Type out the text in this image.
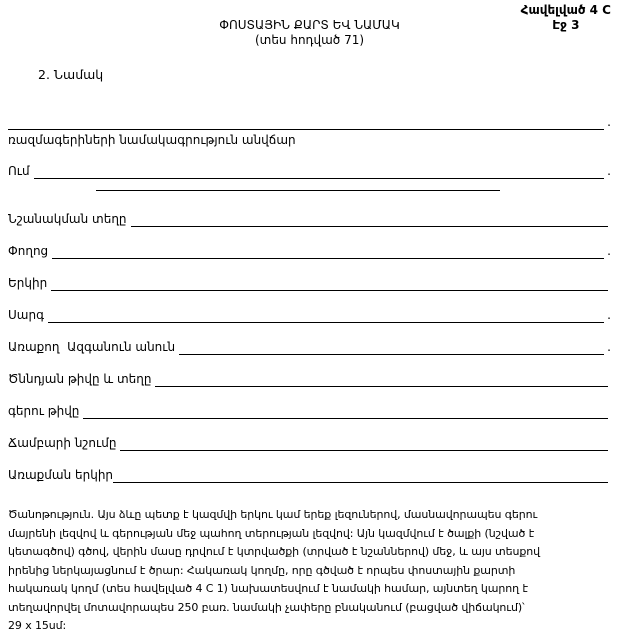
Հավելված 4 C
Էջ 3
ՓՈՍՏԱՅԻՆ ՔԱՐՏ ԵՎ ՆԱՄԱԿ
(տես հոդված 71)
2. Նամակ
.
ռազմագերիների նամակագրություն անվճար
Ում	.
Նշանակման տեղը
Փողոց	.
Երկիր
Սարգ	.
Առաքող  Ազգանուն անուն	.
Ծննդյան թիվը և տեղը
գերու թիվը
Ճամբարի նշումը
Առաքման երկիր
Ծանոթություն. Այս ձևը պետք է կազմվի երկու կամ երեք լեզուներով, մասնավորապես գերու
մայրենի լեզվով և գերության մեջ պահող տերության լեզվով: Այն կազմվում է ծալքի (նշված է
կետագծով) գծով, վերին մասը դրվում է կտրվածքի (տրված է նշաններով) մեջ, և այս տեսքով
իրենից ներկայացնում է ծրար: Հակառակ կողմը, որը գծված է որպես փոստային քարտի
հակառակ կողմ (տես հավելված 4 C 1) նախատեսվում է նամակի համար, այնտեղ կարող է
տեղավորվել մոտավորապես 250 բառ. նամակի չափերը բնականում (բացված վիճակում)՝
29 x 15սմ:
